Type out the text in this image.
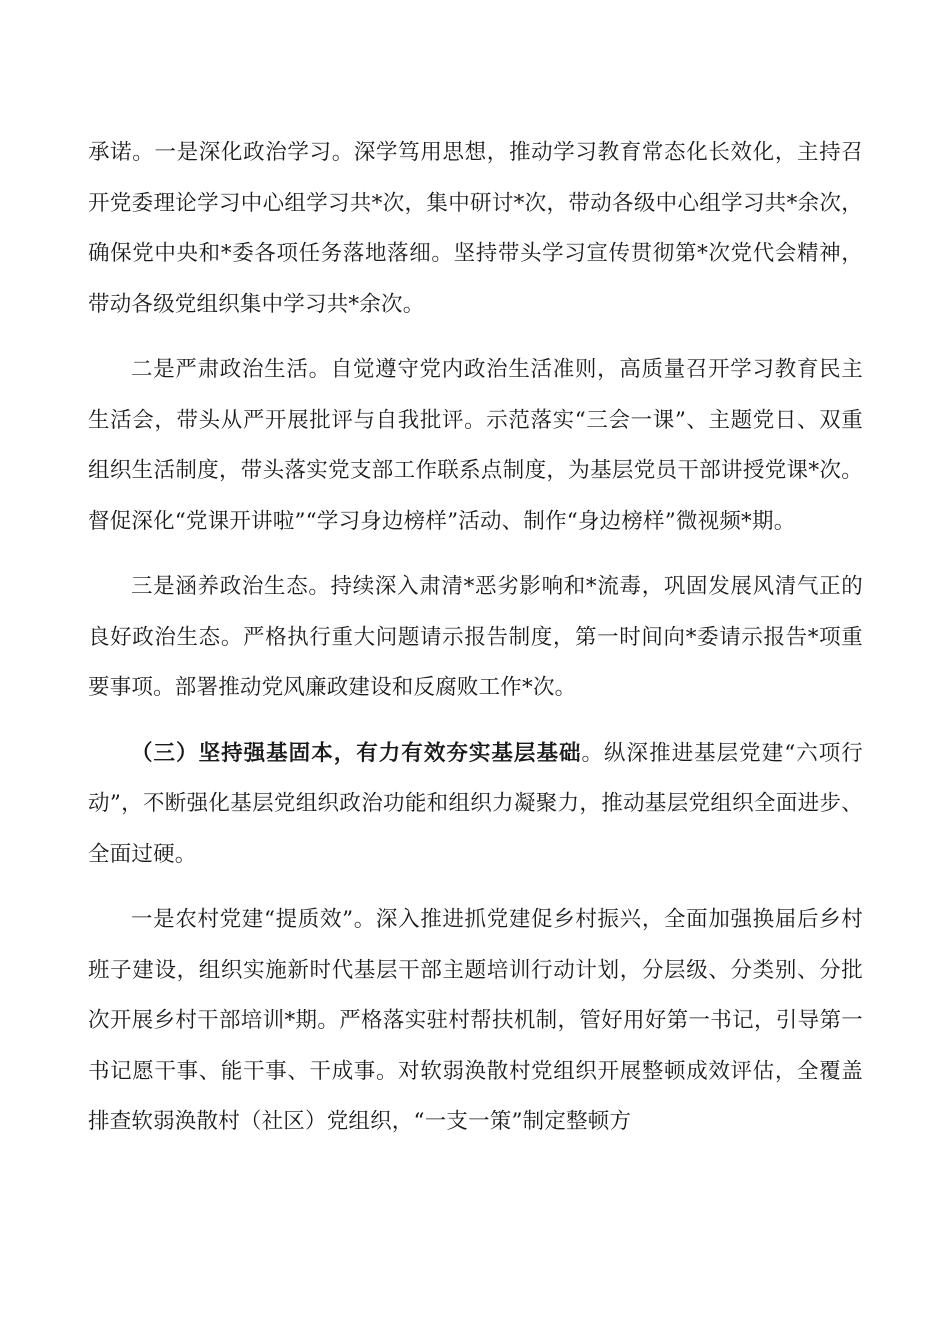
承诺。一是深化政治学习。深学笃用思想，推动学习教育常态化长效化，主持召开党委理论学习中心组学习共*次，集中研讨*次，带动各级中心组学习共*余次，确保党中央和*委各项任务落地落细。坚持带头学习宣传贯彻第*次党代会精神，带动各级党组织集中学习共*余次。

二是严肃政治生活。自觉遵守党内政治生活准则，高质量召开学习教育民主生活会，带头从严开展批评与自我批评。示范落实“三会一课”、主题党日、双重组织生活制度，带头落实党支部工作联系点制度，为基层党员干部讲授党课*次。督促深化“党课开讲啦”“学习身边榜样”活动、制作“身边榜样”微视频*期。

三是涵养政治生态。持续深入肃清*恶劣影响和*流毒，巩固发展风清气正的良好政治生态。严格执行重大问题请示报告制度，第一时间向*委请示报告*项重要事项。部署推动党风廉政建设和反腐败工作*次。

（三）坚持强基固本，有力有效夯实基层基础。纵深推进基层党建“六项行动”，不断强化基层党组织政治功能和组织力凝聚力，推动基层党组织全面进步、全面过硬。

一是农村党建“提质效”。深入推进抓党建促乡村振兴，全面加强换届后乡村班子建设，组织实施新时代基层干部主题培训行动计划，分层级、分类别、分批次开展乡村干部培训*期。严格落实驻村帮扶机制，管好用好第一书记，引导第一书记愿干事、能干事、干成事。对软弱涣散村党组织开展整顿成效评估，全覆盖排查软弱涣散村（社区）党组织，“一支一策”制定整顿方
